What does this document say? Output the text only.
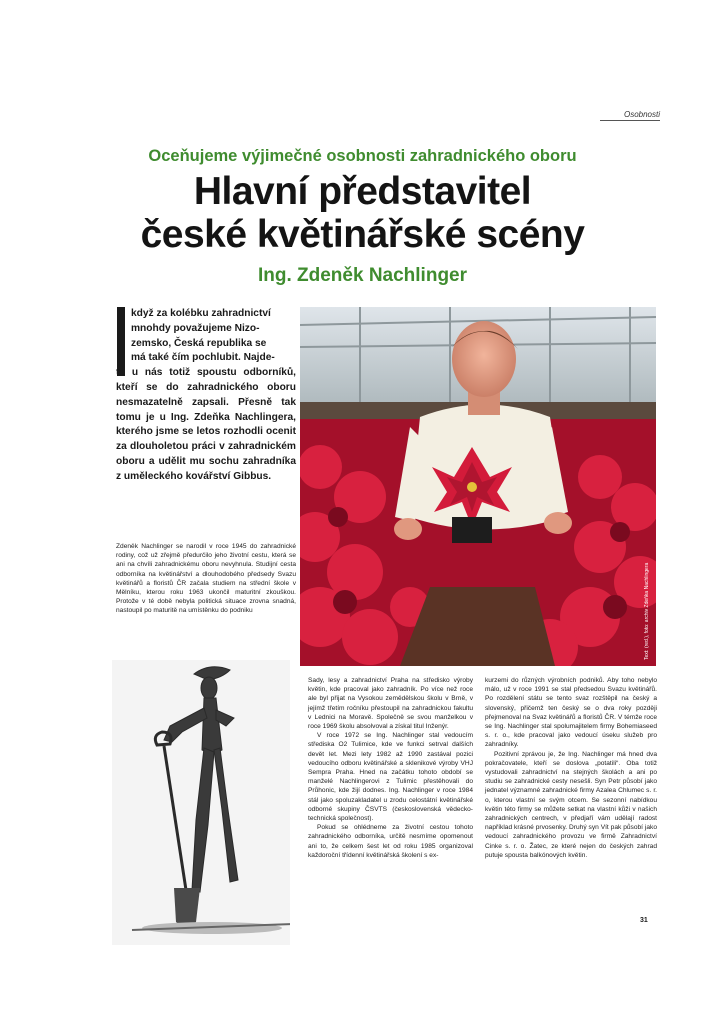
Osobnosti
Oceňujeme výjimečné osobnosti zahradnického oboru
Hlavní představitel
české květinářské scény
Ing. Zdeněk Nachlinger
když za kolébku zahradnictví
mnohdy považujeme Nizo-
zemsko, Česká republika se
má také čím pochlubit. Najde-
te u nás totiž spoustu odborníků, kteří se do zahradnického oboru nesmazatelně zapsali. Přesně tak tomu je u Ing. Zdeňka Nachlingera, kterého jsme se letos rozhodli ocenit za dlouholetou práci v zahradnickém oboru a udělit mu sochu zahradníka z uměleckého kovářství Gibbus.
Zdeněk Nachlinger se narodil v roce 1945 do zahradnické rodiny, což už zřejmě předurčilo jeho životní cestu, která se ani na chvíli zahradnickému oboru nevyhnula. Studijní cesta odborníka na květinářství a dlouhodobého předsedy Svazu květinářů a floristů ČR začala studiem na střední škole v Mělníku, kterou roku 1963 ukončil maturitní zkouškou. Protože v té době nebyla politická situace zrovna snadná, nastoupil po maturitě na umístěnku do podniku	Text: (red.), foto: archiv Zdeňka Nachlingera
Sady, lesy a zahradnictví Praha na středisko výroby květin, kde pracoval jako zahradník. Po více než roce ale byl přijat na Vysokou zemědělskou školu v Brně, v jejímž třetím ročníku přestoupil na zahradnickou fakultu v Lednici na Moravě. Společně se svou manželkou v roce 1969 školu absolvoval a získal titul Inženýr.
V roce 1972 se Ing. Nachlinger stal vedoucím střediska O2 Tulimice, kde ve funkci setrval dalších devět let. Mezi lety 1982 až 1990 zastával pozici vedoucího odboru květinářské a sklenikové výroby VHJ Sempra Praha. Hned na začátku tohoto období se manželé Nachlingerovi z Tulimic přestěhovali do Průhonic, kde žijí dodnes. Ing. Nachlinger v roce 1984 stál jako spoluzakladatel u zrodu celostátní květinářské odborné skupiny ČSVTS (československá vědecko-technická společnost).
Pokud se ohlédneme za životní cestou tohoto zahradnického odborníka, určitě nesmíme opomenout ani to, že celkem šest let od roku 1985 organizoval každoroční třídenní květinářská školení s ex-
kurzemi do různých výrobních podniků. Aby toho nebylo málo, už v roce 1991 se stal předsedou Svazu květinářů. Po rozdělení státu se tento svaz rozštěpil na český a slovenský, přičemž ten český se o dva roky později přejmenoval na Svaz květinářů a floristů ČR. V témže roce se Ing. Nachlinger stal spolumajitelem firmy Bohemiaseed s. r. o., kde pracoval jako vedoucí úseku služeb pro zahradníky.
Pozitivní zprávou je, že Ing. Nachlinger má hned dva pokračovatele, kteří se doslova „potatili“. Oba totiž vystudovali zahradnictví na stejných školách a ani po studiu se zahradnické cesty nesešli. Syn Petr působí jako jednatel významné zahradnické firmy Azalea Chlumec s. r. o, kterou vlastní se svým otcem. Se sezonní nabídkou květin této firmy se můžete setkat na vlastní kůži v našich zahradnických centrech, v předjaří vám udělají radost například krásné prvosenky. Druhý syn Vít pak působí jako vedoucí zahradnického provozu ve firmě Zahradnictví Cinke s. r. o. Žatec, ze které nejen do českých zahrad putuje spousta balkónových květin.
31
